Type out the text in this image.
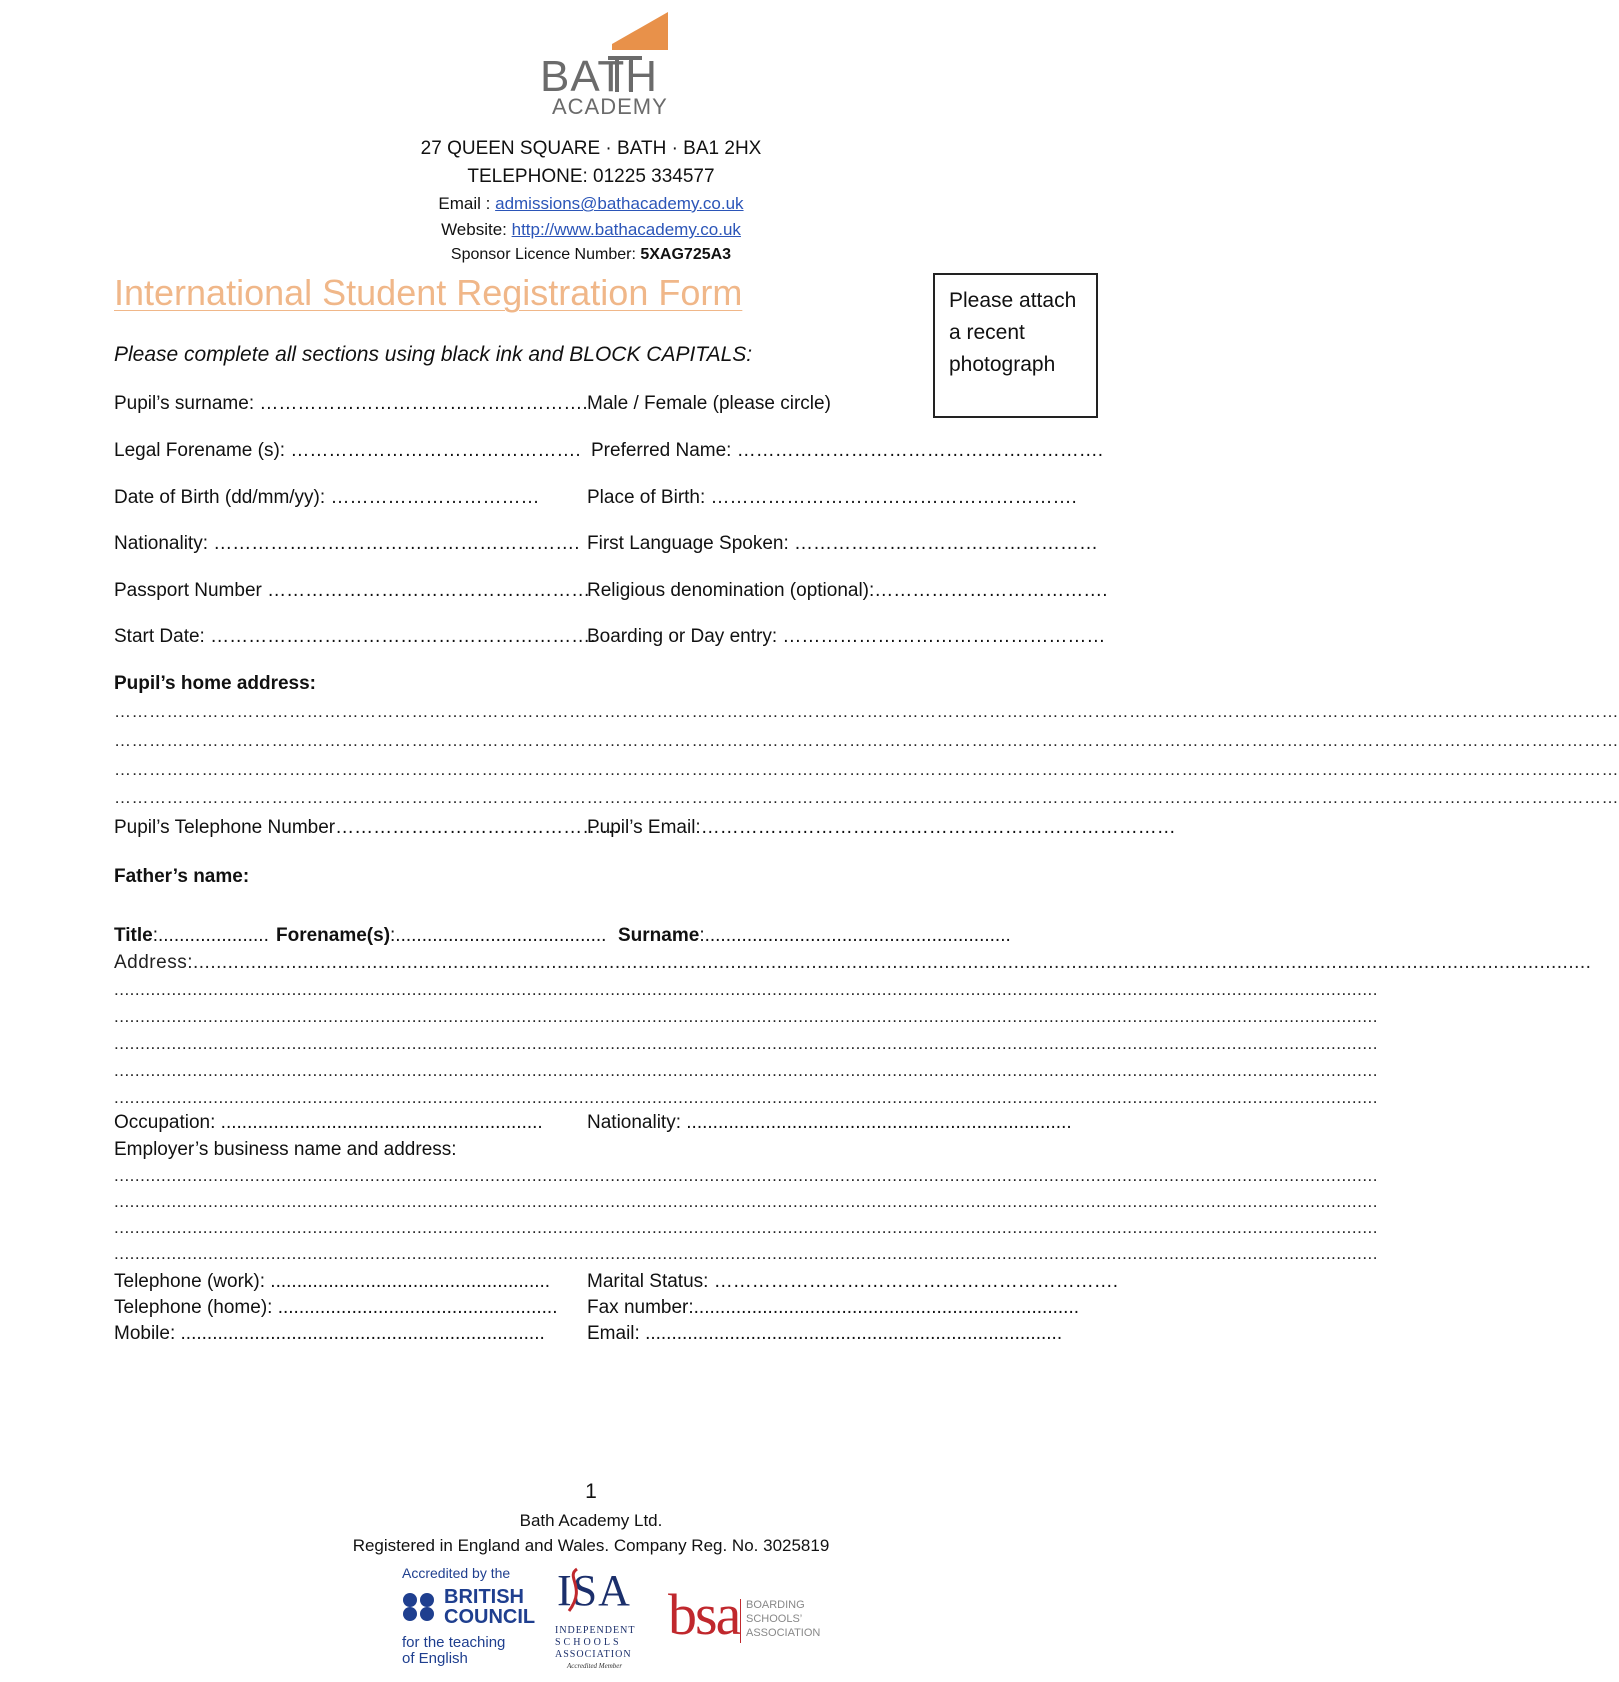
BATH
ACADEMY
27 QUEEN SQUARE · BATH · BA1 2HX
TELEPHONE: 01225 334577
Email : admissions@bathacademy.co.uk
Website: http://www.bathacademy.co.uk
Sponsor Licence Number: 5XAG725A3
International Student Registration Form	Please attach a recent photograph
Please complete all sections using black ink and BLOCK CAPITALS:
Pupil’s surname: ……………………………………………. Male / Female (please circle)
Legal Forename (s): ………………………………………. Preferred Name: ………………………………………………….
Date of Birth (dd/mm/yy): ……………………………	Place of Birth: ………………………………………………….
Nationality: …………………………………………………. First Language Spoken: …………………………………………
Passport Number ……………………………………………
Religious denomination (optional):……………………………….
Start Date: …………………………………………………….
Boarding or Day entry: ……………………………………………
Pupil’s home address:
……………………………………………………………………………………………………………………………………………………………………………………………………………………………………
……………………………………………………………………………………………………………………………………………………………………………………………………………………………………
……………………………………………………………………………………………………………………………………………………………………………………………………………………………………
……………………………………………………………………………………………………………………………………………………………………………………………………………………………………
Pupil’s Telephone Number………………………………………
Pupil’s Email:…………………………………………………………………
Father’s name:
Title:..................... Forename(s):........................................ Surname:..........................................................
Address:..................................................................................................................................................................................................................................................
..................................................................................................................................................................................................................................................
..................................................................................................................................................................................................................................................
..................................................................................................................................................................................................................................................
..................................................................................................................................................................................................................................................
..................................................................................................................................................................................................................................................
Occupation: ............................................................. Nationality: .........................................................................
Employer’s business name and address:
..................................................................................................................................................................................................................................................
..................................................................................................................................................................................................................................................
..................................................................................................................................................................................................................................................
..................................................................................................................................................................................................................................................
Telephone (work): ..................................................... Marital Status: ……………………………………………………….
Telephone (home): ..................................................... Fax number:.........................................................................
Mobile: ..................................................................... Email: ...............................................................................
1
Bath Academy Ltd.
Registered in England and Wales. Company Reg. No. 3025819
Accredited by the
BRITISH
COUNCIL
for the teaching
of English
ISA
INDEPENDENT
SCHOOLS
ASSOCIATION
Accredited Member
bsa BOARDING
SCHOOLS’
ASSOCIATION
